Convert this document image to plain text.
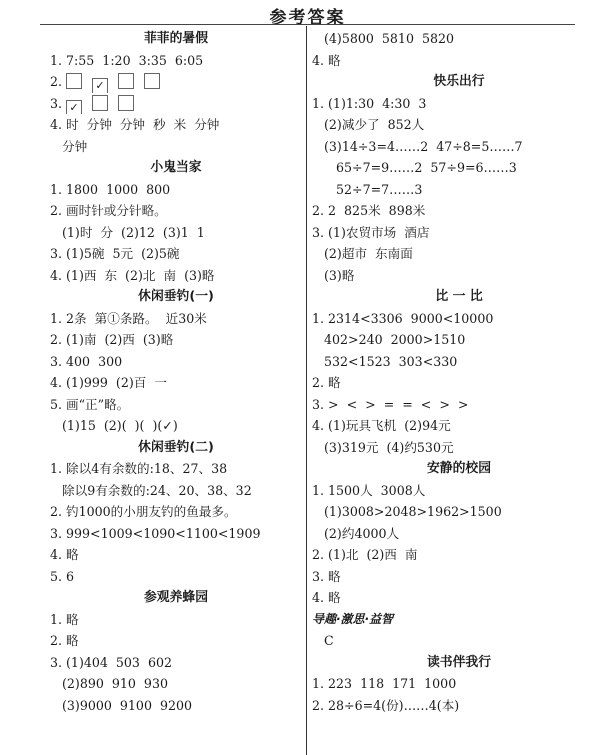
参考答案
菲菲的暑假
1. 7:55  1:20  3:35  6:05
2.	✓
3. ✓
4. 时  分钟  分钟  秒  米  分钟
分钟
小鬼当家
1. 1800  1000  800
2. 画时针或分针略。
(1)时  分  (2)12  (3)1  1
3. (1)5碗  5元  (2)5碗
4. (1)西  东  (2)北  南  (3)略
休闲垂钓(一)
1. 2条  第①条路。  近30米
2. (1)南  (2)西  (3)略
3. 400  300
4. (1)999  (2)百  一
5. 画“正”略。
(1)15  (2)(  )(  )(✓)
休闲垂钓(二)
1. 除以4有余数的:18、27、38
除以9有余数的:24、20、38、32
2. 钓1000的小朋友钓的鱼最多。
3. 999<1009<1090<1100<1909
4. 略
5. 6
参观养蜂园
1. 略
2. 略
3. (1)404  503  602
(2)890  910  930
(3)9000  9100  9200
(4)5800  5810  5820
4. 略
快乐出行
1. (1)1:30  4:30  3
(2)减少了  852人
(3)14÷3=4……2  47÷8=5……7
65÷7=9……2  57÷9=6……3
52÷7=7……3
2. 2  825米  898米
3. (1)农贸市场  酒店
(2)超市  东南面
(3)略
比 一 比
1. 2314<3306  9000<10000
402>240  2000>1510
532<1523  303<330
2. 略
3. >  <  >  =  =  <  >  >
4. (1)玩具飞机  (2)94元
(3)319元  (4)约530元
安静的校园
1. 1500人  3008人
(1)3008>2048>1962>1500
(2)约4000人
2. (1)北  (2)西  南
3. 略
4. 略
导趣·激思·益智
C
读书伴我行
1. 223  118  171  1000
2. 28÷6=4(份)……4(本)
